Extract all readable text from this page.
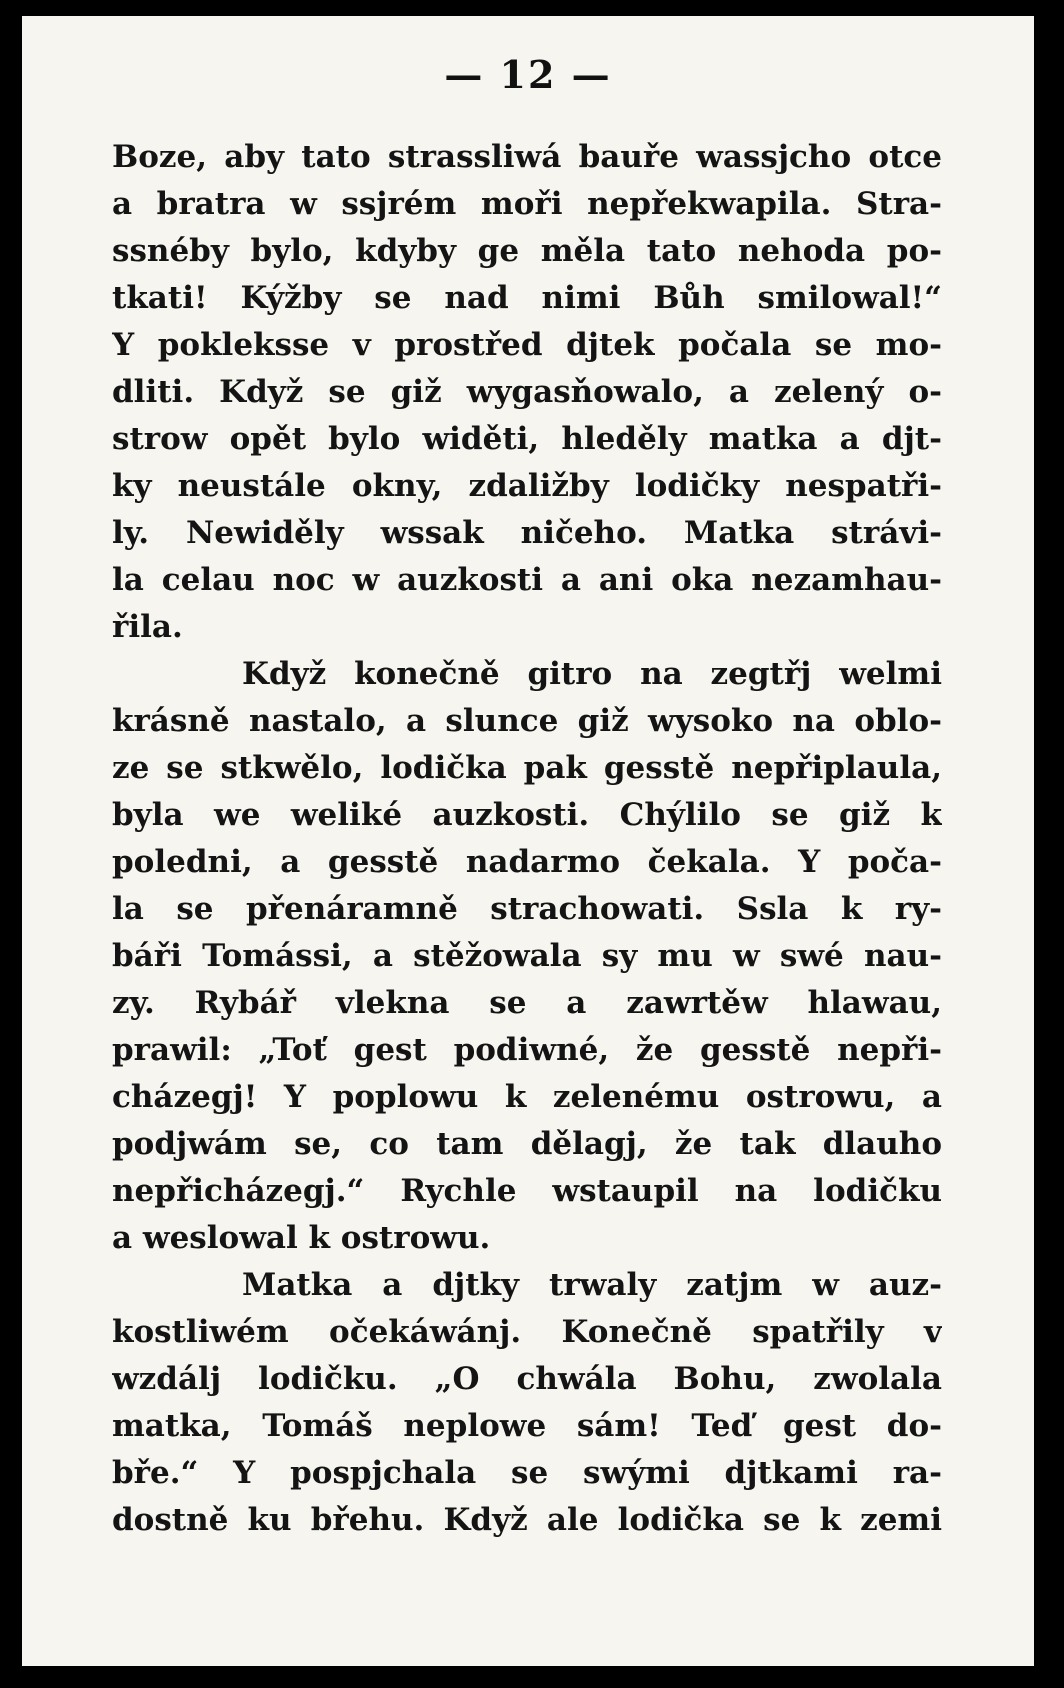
— 12 —
Boze, aby tato strassliwá bauře wassjcho otce
a bratra w ssjrém moři nepřekwapila. Stra-
ssnéby bylo, kdyby ge měla tato nehoda po-
tkati! Kýžby se nad nimi Bůh smilowal!“
Y pokleksse v prostřed djtek počala se mo-
dliti. Když se giž wygasňowalo, a zelený o-
strow opět bylo widěti, hleděly matka a djt-
ky neustále okny, zdaližby lodičky nespatři-
ly. Newiděly wssak ničeho. Matka strávi-
la celau noc w auzkosti a ani oka nezamhau-
řila.
Když konečně gitro na zegtřj welmi
krásně nastalo, a slunce giž wysoko na oblo-
ze se stkwělo, lodička pak gesstě nepřiplaula,
byla we weliké auzkosti. Chýlilo se giž k
poledni, a gesstě nadarmo čekala. Y poča-
la se přenáramně strachowati. Ssla k ry-
báři Tomássi, a stěžowala sy mu w swé nau-
zy. Rybář vlekna se a zawrtěw hlawau,
prawil: „Toť gest podiwné, že gesstě nepři-
cházegj! Y poplowu k zelenému ostrowu, a
podjwám se, co tam dělagj, že tak dlauho
nepřicházegj.“ Rychle wstaupil na lodičku
a weslowal k ostrowu.
Matka a djtky trwaly zatjm w auz-
kostliwém očekáwánj. Konečně spatřily v
wzdálj lodičku. „O chwála Bohu, zwolala
matka, Tomáš neplowe sám! Teď gest do-
bře.“ Y pospjchala se swými djtkami ra-
dostně ku břehu. Když ale lodička se k zemi
